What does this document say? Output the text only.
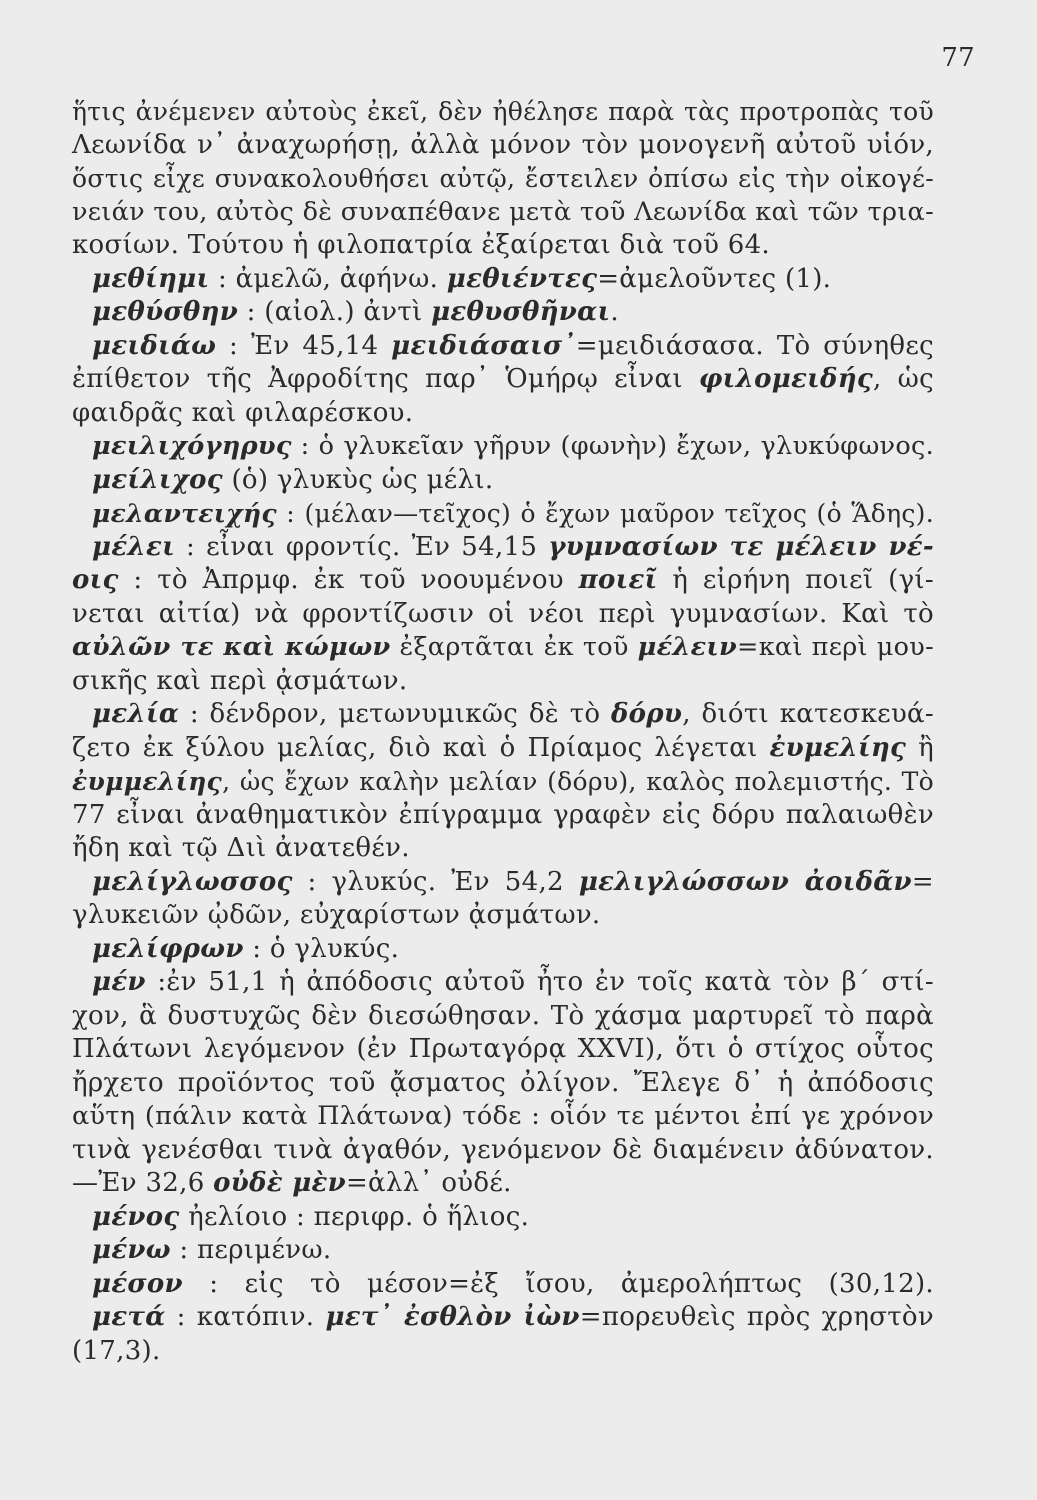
77
ἥτις ἀνέμενεν αὐτοὺς ἐκεῖ, δὲν ἠθέλησε παρὰ τὰς προτροπὰς τοῦ
Λεωνίδα ν᾽ ἀναχωρήσῃ, ἀλλὰ μόνον τὸν μονογενῆ αὐτοῦ υἱόν,
ὅστις εἶχε συνακολουθήσει αὐτῷ, ἔστειλεν ὀπίσω εἰς τὴν οἰκογέ-
νειάν του, αὐτὸς δὲ συναπέθανε μετὰ τοῦ Λεωνίδα καὶ τῶν τρια-
κοσίων. Τούτου ἡ φιλοπατρία ἐξαίρεται διὰ τοῦ 64.
μεθίημι : ἀμελῶ, ἀφήνω. μεθιέντες=ἀμελοῦντες (1).
μεθύσθην : (αἰολ.) ἀντὶ μεθυσθῆναι.
μειδιάω : Ἐν 45,14 μειδιάσαισ᾽=μειδιάσασα. Τὸ σύνηθες
ἐπίθετον τῆς Ἀφροδίτης παρ᾽ Ὁμήρῳ εἶναι φιλομειδής, ὡς
φαιδρᾶς καὶ φιλαρέσκου.
μειλιχόγηρυς : ὁ γλυκεῖαν γῆρυν (φωνὴν) ἔχων, γλυκύφωνος.
μείλιχος (ὁ) γλυκὺς ὡς μέλι.
μελαντειχής : (μέλαν—τεῖχος) ὁ ἔχων μαῦρον τεῖχος (ὁ Ἅδης).
μέλει : εἶναι φροντίς. Ἐν 54,15 γυμνασίων τε μέλειν νέ-
οις : τὸ Ἀπρμφ. ἐκ τοῦ νοουμένου ποιεῖ ἡ εἰρήνη ποιεῖ (γί-
νεται αἰτία) νὰ φροντίζωσιν οἱ νέοι περὶ γυμνασίων. Καὶ τὸ
αὐλῶν τε καὶ κώμων ἐξαρτᾶται ἐκ τοῦ μέλειν=καὶ περὶ μου-
σικῆς καὶ περὶ ᾀσμάτων.
μελία : δένδρον, μετωνυμικῶς δὲ τὸ δόρυ, διότι κατεσκευά-
ζετο ἐκ ξύλου μελίας, διὸ καὶ ὁ Πρίαμος λέγεται ἐυμελίης ἢ
ἐυμμελίης, ὡς ἔχων καλὴν μελίαν (δόρυ), καλὸς πολεμιστής. Τὸ
77 εἶναι ἀναθηματικὸν ἐπίγραμμα γραφὲν εἰς δόρυ παλαιωθὲν
ἤδη καὶ τῷ Διὶ ἀνατεθέν.
μελίγλωσσος : γλυκύς. Ἐν 54,2 μελιγλώσσων ἀοιδᾶν=
γλυκειῶν ᾠδῶν, εὐχαρίστων ᾀσμάτων.
μελίφρων : ὁ γλυκύς.
μέν :ἐν 51,1 ἡ ἀπόδοσις αὐτοῦ ἦτο ἐν τοῖς κατὰ τὸν β´ στί-
χον, ἃ δυστυχῶς δὲν διεσώθησαν. Τὸ χάσμα μαρτυρεῖ τὸ παρὰ
Πλάτωνι λεγόμενον (ἐν Πρωταγόρᾳ XXVI), ὅτι ὁ στίχος οὗτος
ἤρχετο προϊόντος τοῦ ᾄσματος ὀλίγον. Ἔλεγε δ᾽ ἡ ἀπόδοσις
αὕτη (πάλιν κατὰ Πλάτωνα) τόδε : οἷόν τε μέντοι ἐπί γε χρόνον
τινὰ γενέσθαι τινὰ ἀγαθόν, γενόμενον δὲ διαμένειν ἀδύνατον.
—Ἐν 32,6 οὐδὲ μὲν=ἀλλ᾽ οὐδέ.
μένος ἠελίοιο : περιφρ. ὁ ἥλιος.
μένω : περιμένω.
μέσον : εἰς τὸ μέσον=ἐξ ἴσου, ἀμερολήπτως (30,12).
μετά : κατόπιν. μετ᾽ ἐσθλὸν ἰὼν=πορευθεὶς πρὸς χρηστὸν
(17,3).
